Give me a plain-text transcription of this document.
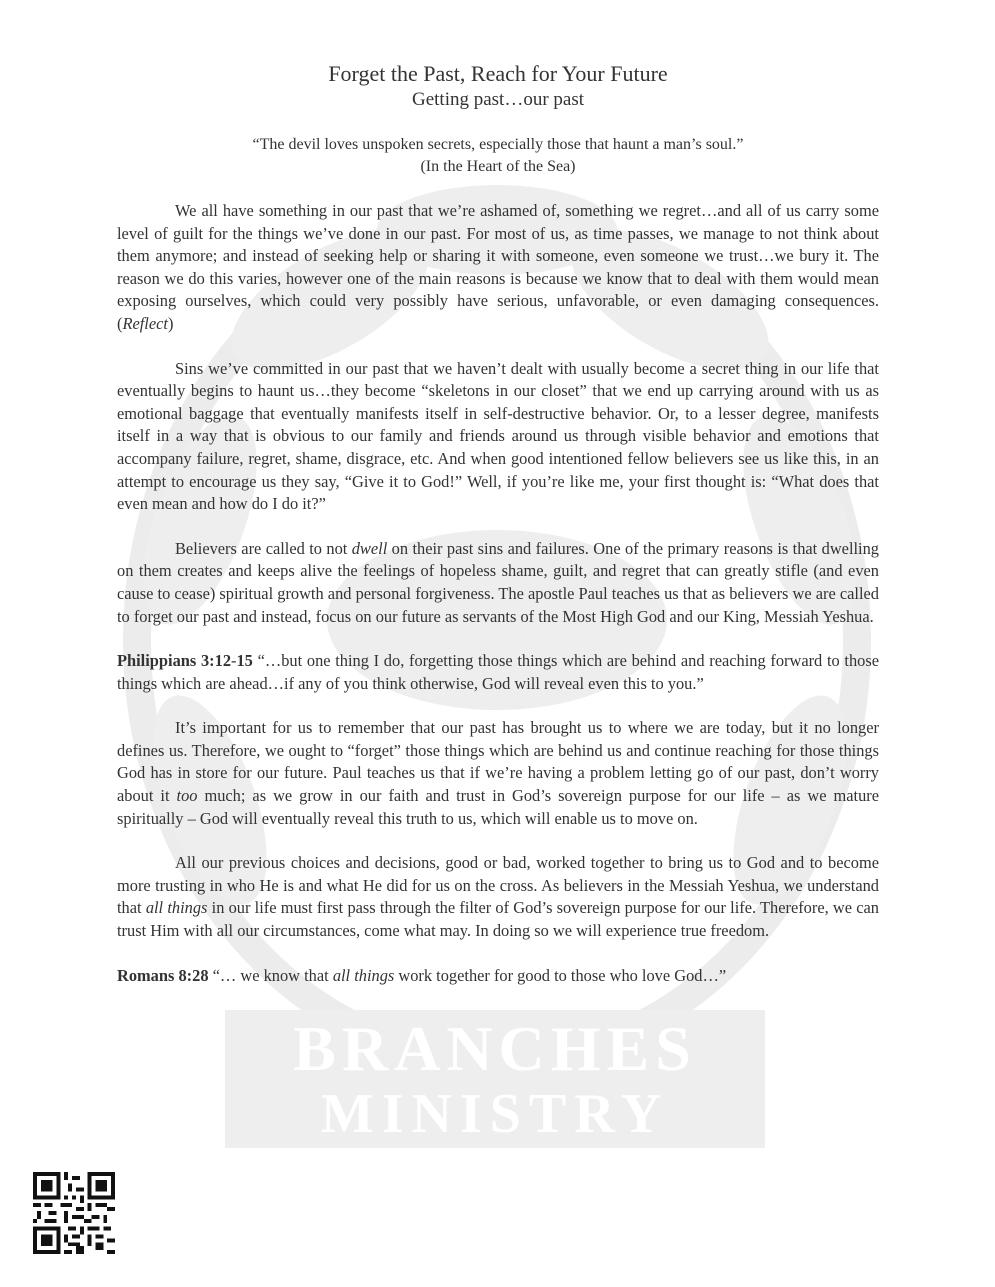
BRANCHES
MINISTRY
Forget the Past, Reach for Your Future
Getting past…our past
“The devil loves unspoken secrets, especially those that haunt a man’s soul.”
(In the Heart of the Sea)

We all have something in our past that we’re ashamed of, something we regret…and all of us carry some level of guilt for the things we’ve done in our past. For most of us, as time passes, we manage to not think about them anymore; and instead of seeking help or sharing it with someone, even someone we trust…we bury it. The reason we do this varies, however one of the main reasons is because we know that to deal with them would mean exposing ourselves, which could very possibly have serious, unfavorable, or even damaging consequences. (Reflect)

Sins we’ve committed in our past that we haven’t dealt with usually become a secret thing in our life that eventually begins to haunt us…they become “skeletons in our closet” that we end up carrying around with us as emotional baggage that eventually manifests itself in self-destructive behavior. Or, to a lesser degree, manifests itself in a way that is obvious to our family and friends around us through visible behavior and emotions that accompany failure, regret, shame, disgrace, etc. And when good intentioned fellow believers see us like this, in an attempt to encourage us they say, “Give it to God!” Well, if you’re like me, your first thought is: “What does that even mean and how do I do it?”

Believers are called to not dwell on their past sins and failures. One of the primary reasons is that dwelling on them creates and keeps alive the feelings of hopeless shame, guilt, and regret that can greatly stifle (and even cause to cease) spiritual growth and personal forgiveness. The apostle Paul teaches us that as believers we are called to forget our past and instead, focus on our future as servants of the Most High God and our King, Messiah Yeshua.

Philippians 3:12-15 “…but one thing I do, forgetting those things which are behind and reaching forward to those things which are ahead…if any of you think otherwise, God will reveal even this to you.”

It’s important for us to remember that our past has brought us to where we are today, but it no longer defines us. Therefore, we ought to “forget” those things which are behind us and continue reaching for those things God has in store for our future. Paul teaches us that if we’re having a problem letting go of our past, don’t worry about it too much; as we grow in our faith and trust in God’s sovereign purpose for our life – as we mature spiritually – God will eventually reveal this truth to us, which will enable us to move on.

All our previous choices and decisions, good or bad, worked together to bring us to God and to become more trusting in who He is and what He did for us on the cross. As believers in the Messiah Yeshua, we understand that all things in our life must first pass through the filter of God’s sovereign purpose for our life. Therefore, we can trust Him with all our circumstances, come what may. In doing so we will experience true freedom.

Romans 8:28 “… we know that all things work together for good to those who love God…”
